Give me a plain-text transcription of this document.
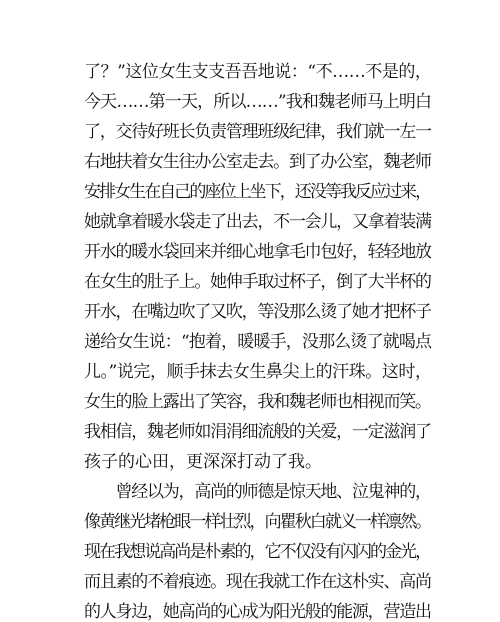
了？”这位女生支支吾吾地说：“不……不是的，
今天……第一天，所以……”我和魏老师马上明白
了，交待好班长负责管理班级纪律，我们就一左一
右地扶着女生往办公室走去。到了办公室，魏老师
安排女生在自己的座位上坐下，还没等我反应过来，
她就拿着暖水袋走了出去，不一会儿，又拿着装满
开水的暖水袋回来并细心地拿毛巾包好，轻轻地放
在女生的肚子上。她伸手取过杯子，倒了大半杯的
开水，在嘴边吹了又吹，等没那么烫了她才把杯子
递给女生说：“抱着，暖暖手，没那么烫了就喝点
儿。”说完，顺手抹去女生鼻尖上的汗珠。这时，
女生的脸上露出了笑容，我和魏老师也相视而笑。
我相信，魏老师如涓涓细流般的关爱，一定滋润了
孩子的心田，更深深打动了我。
　　曾经以为，高尚的师德是惊天地、泣鬼神的，
像黄继光堵枪眼一样壮烈，向瞿秋白就义一样凛然。
现在我想说高尚是朴素的，它不仅没有闪闪的金光，
而且素的不着痕迹。现在我就工作在这朴实、高尚
的人身边，她高尚的心成为阳光般的能源，营造出
